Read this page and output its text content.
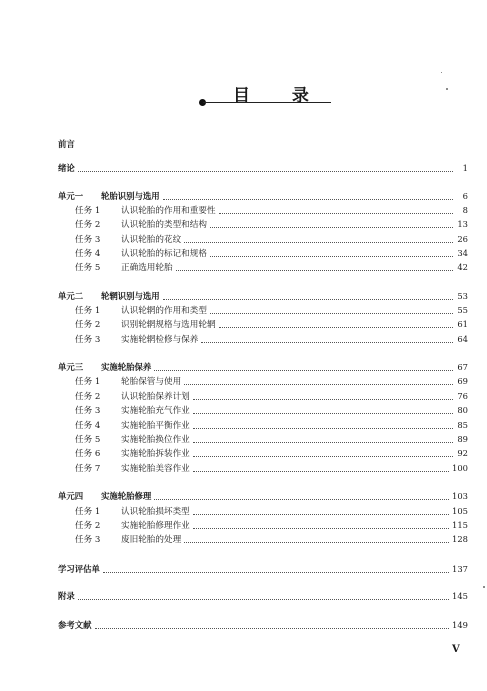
目 录
前言
绪论	1
单元一	轮胎识别与选用	6
任务 1	认识轮胎的作用和重要性	8
任务 2	认识轮胎的类型和结构	13
任务 3	认识轮胎的花纹	26
任务 4	认识轮胎的标记和规格	34
任务 5	正确选用轮胎	42
单元二	轮辋识别与选用	53
任务 1	认识轮辋的作用和类型	55
任务 2	识别轮辋规格与选用轮辋	61
任务 3	实施轮辋检修与保养	64
单元三	实施轮胎保养	67
任务 1	轮胎保管与使用	69
任务 2	认识轮胎保养计划	76
任务 3	实施轮胎充气作业	80
任务 4	实施轮胎平衡作业	85
任务 5	实施轮胎换位作业	89
任务 6	实施轮胎拆装作业	92
任务 7	实施轮胎美容作业	100
单元四	实施轮胎修理	103
任务 1	认识轮胎损坏类型	105
任务 2	实施轮胎修理作业	115
任务 3	废旧轮胎的处理	128
学习评估单	137
附录	145
参考文献	149
V
